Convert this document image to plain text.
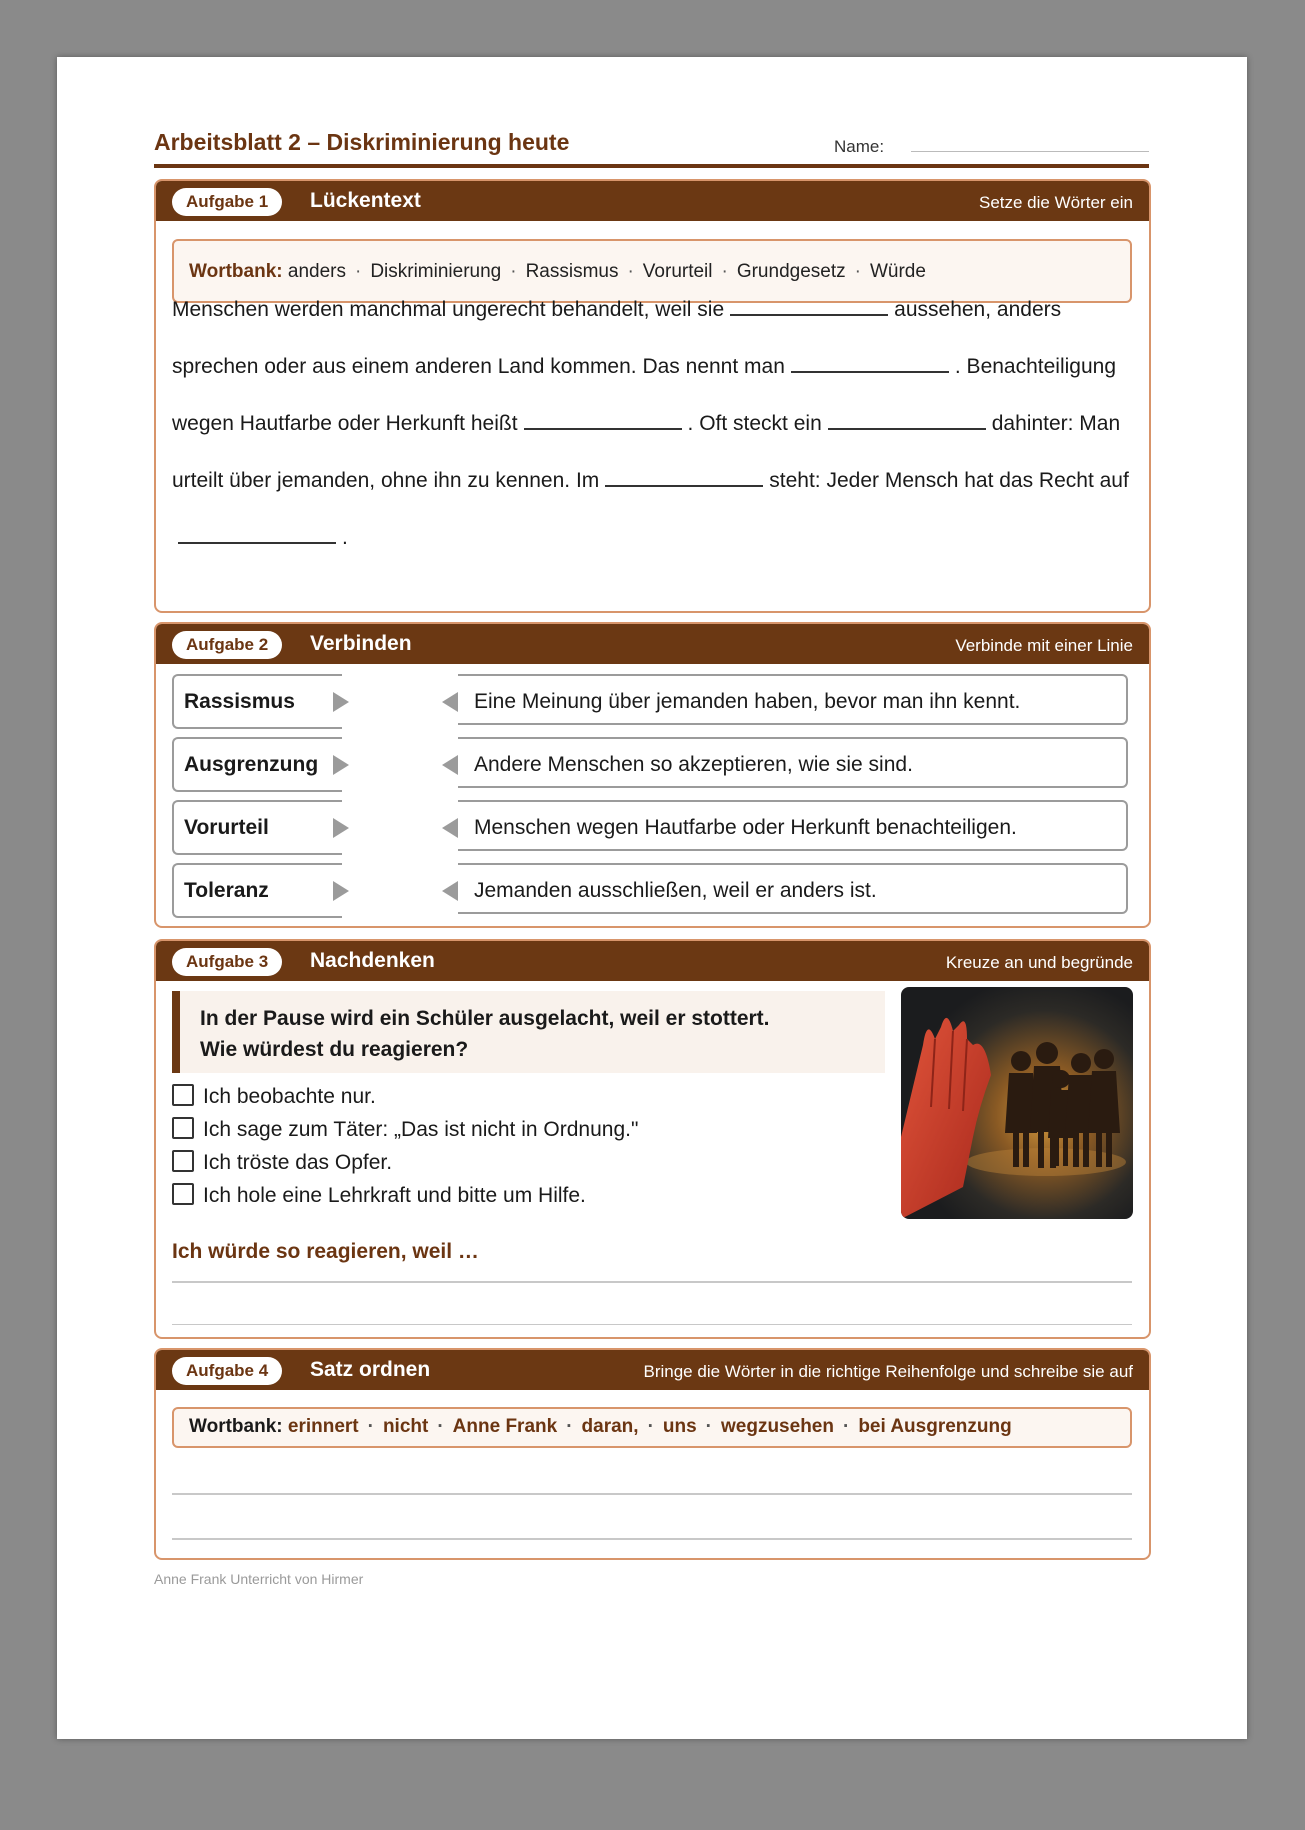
Arbeitsblatt 2 – Diskriminierung heute	Name:
Aufgabe 1	Lückentext	Setze die Wörter ein
Wortbank: anders · Diskriminierung · Rassismus · Vorurteil · Grundgesetz · Würde
Menschen werden manchmal ungerecht behandelt, weil sie	aussehen, anders sprechen oder aus einem anderen Land kommen. Das nennt man	. Benachteiligung wegen Hautfarbe oder Herkunft heißt	. Oft steckt ein	dahinter: Man urteilt über jemanden, ohne ihn zu kennen. Im	steht: Jeder Mensch hat das Recht auf.
Aufgabe 2	Verbinden	Verbinde mit einer Linie
Rassismus	Eine Meinung über jemanden haben, bevor man ihn kennt.
Ausgrenzung	Andere Menschen so akzeptieren, wie sie sind.
Vorurteil	Menschen wegen Hautfarbe oder Herkunft benachteiligen.
Toleranz	Jemanden ausschließen, weil er anders ist.
Aufgabe 3	Nachdenken	Kreuze an und begründe
In der Pause wird ein Schüler ausgelacht, weil er stottert.
Wie würdest du reagieren?
Ich beobachte nur.
Ich sage zum Täter: „Das ist nicht in Ordnung."
Ich tröste das Opfer.
Ich hole eine Lehrkraft und bitte um Hilfe.
Ich würde so reagieren, weil …
Aufgabe 4	Satz ordnen	Bringe die Wörter in die richtige Reihenfolge und schreibe sie auf
Wortbank: erinnert · nicht · Anne Frank · daran, · uns · wegzusehen · bei Ausgrenzung
Anne Frank Unterricht von Hirmer
